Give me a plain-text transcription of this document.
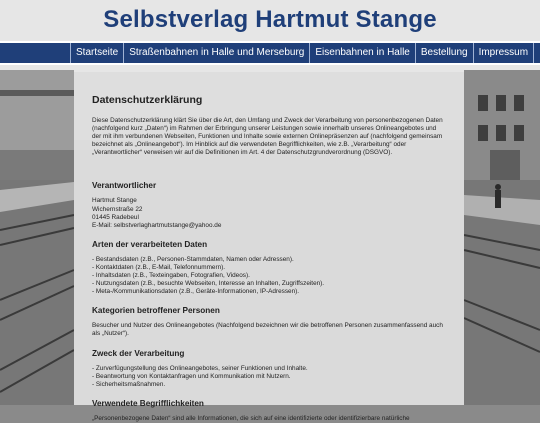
Selbstverlag Hartmut Stange
Startseite	Straßenbahnen in Halle und Merseburg	Eisenbahnen in Halle	Bestellung	Impressum
Datenschutzerklärung

Diese Datenschutzerklärung klärt Sie über die Art, den Umfang und Zweck der Verarbeitung von personenbezogenen Daten (nachfolgend kurz „Daten“) im Rahmen der Erbringung unserer Leistungen sowie innerhalb unseres Onlineangebotes und der mit ihm verbundenen Webseiten, Funktionen und Inhalte sowie externen Onlinepräsenzen auf (nachfolgend gemeinsam bezeichnet als „Onlineangebot“). Im Hinblick auf die verwendeten Begrifflichkeiten, wie z.B. „Verarbeitung“ oder „Verantwortlicher“ verweisen wir auf die Definitionen im Art. 4 der Datenschutzgrundverordnung (DSGVO).

Verantwortlicher
Hartmut Stange
Wichernstraße 22
01445 Radebeul
E-Mail: selbstverlaghartmutstange@yahoo.de
Arten der verarbeiteten Daten
- Bestandsdaten (z.B., Personen-Stammdaten, Namen oder Adressen).
- Kontaktdaten (z.B., E-Mail, Telefonnummern).
- Inhaltsdaten (z.B., Texteingaben, Fotografien, Videos).
- Nutzungsdaten (z.B., besuchte Webseiten, Interesse an Inhalten, Zugriffszeiten).
- Meta-/Kommunikationsdaten (z.B., Geräte-Informationen, IP-Adressen).
Kategorien betroffener Personen

Besucher und Nutzer des Onlineangebotes (Nachfolgend bezeichnen wir die betroffenen Personen zusammenfassend auch als „Nutzer“).

Zweck der Verarbeitung
- Zurverfügungstellung des Onlineangebotes, seiner Funktionen und Inhalte.
- Beantwortung von Kontaktanfragen und Kommunikation mit Nutzern.
- Sicherheitsmaßnahmen.
Verwendete Begrifflichkeiten

„Personenbezogene Daten“ sind alle Informationen, die sich auf eine identifizierte oder identifizierbare natürliche
